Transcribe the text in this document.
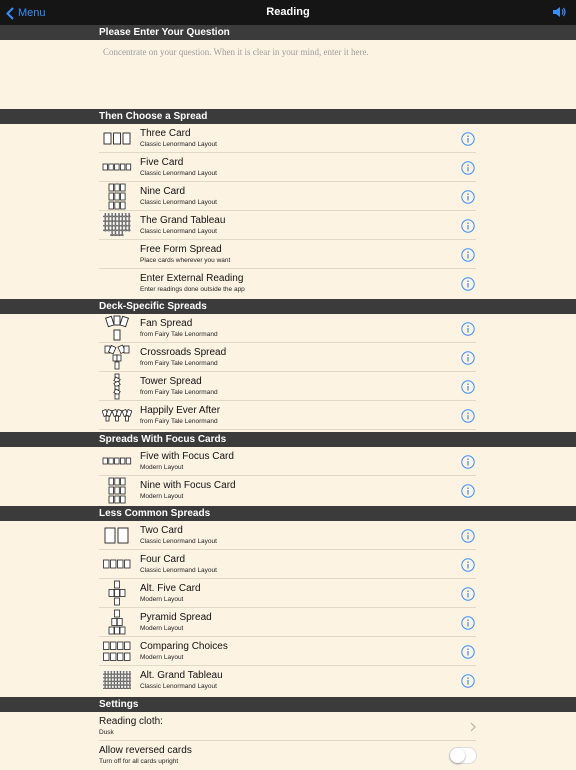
Menu	Reading
Please Enter Your Question
Concentrate on your question. When it is clear in your mind, enter it here.
Then Choose a Spread
Three Card
Classic Lenormand Layout
Five Card
Classic Lenormand Layout
Nine Card
Classic Lenormand Layout
The Grand Tableau
Classic Lenormand Layout
Free Form Spread
Place cards wherever you want
Enter External Reading
Enter readings done outside the app
Deck-Specific Spreads
Fan Spread
from Fairy Tale Lenormand
Crossroads Spread
from Fairy Tale Lenormand
Tower Spread
from Fairy Tale Lenormand
Happily Ever After
from Fairy Tale Lenormand
Spreads With Focus Cards
Five with Focus Card
Modern Layout
Nine with Focus Card
Modern Layout
Less Common Spreads
Two Card
Classic Lenormand Layout
Four Card
Classic Lenormand Layout
Alt. Five Card
Modern Layout
Pyramid Spread
Modern Layout
Comparing Choices
Modern Layout
Alt. Grand Tableau
Classic Lenormand Layout
Settings
Reading cloth:
Dusk
Allow reversed cards
Turn off for all cards upright
